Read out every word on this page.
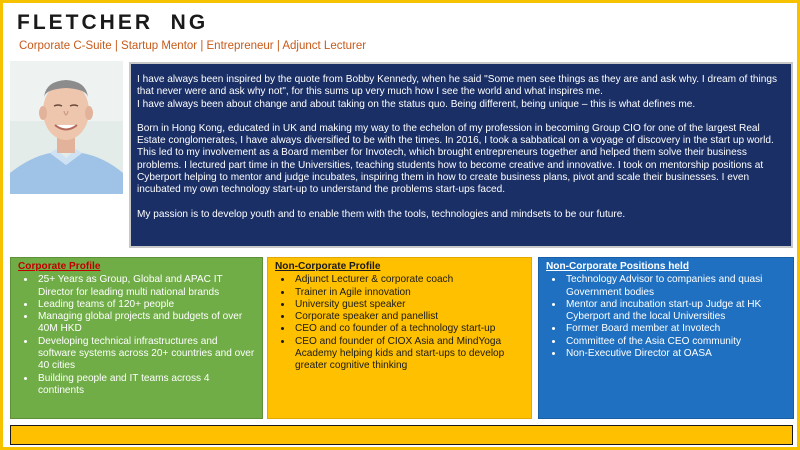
FLETCHER  NG
Corporate C-Suite | Startup Mentor | Entrepreneur | Adjunct Lecturer

I have always been inspired by the quote from Bobby Kennedy, when he said "Some men see things as they are and ask why. I dream of things that never were and ask why not", for this sums up very much how I see the world and what inspires me.

I have always been about change and about taking on the status quo. Being different, being unique – this is what defines me.

Born in Hong Kong, educated in UK and making my way to the echelon of my profession in becoming Group CIO for one of the largest Real Estate conglomerates, I have always diversified to be with the times. In 2016, I took a sabbatical on a voyage of discovery in the start up world. This led to my involvement as a Board member for Invotech, which brought entrepreneurs together and helped them solve their business problems. I lectured part time in the Universities, teaching students how to become creative and innovative. I took on mentorship positions at Cyberport helping to mentor and judge incubates, inspiring them in how to create business plans, pivot and scale their businesses. I even incubated my own technology start-up to understand the problems start-ups faced.

My passion is to develop youth and to enable them with the tools, technologies and mindsets to be our future.

Corporate Profile
• 25+ Years as Group, Global and APAC IT Director for leading multi national brands
• Leading teams of 120+ people
• Managing global projects and budgets of over 40M HKD
• Developing technical infrastructures and software systems across 20+ countries and over 40 cities
• Building people and IT teams across 4 continents
Non-Corporate Profile
• Adjunct Lecturer & corporate coach
• Trainer in Agile innovation
• University guest speaker
• Corporate speaker and panellist
• CEO and co founder of a technology start-up
• CEO and founder of CIOX Asia and MindYoga Academy helping kids and start-ups to develop greater cognitive thinking
Non-Corporate Positions held
• Technology Advisor to companies and quasi Government bodies
• Mentor and incubation start-up Judge at HK Cyberport and the local Universities
• Former Board member at Invotech
• Committee of the Asia CEO community
• Non-Executive Director at OASA
